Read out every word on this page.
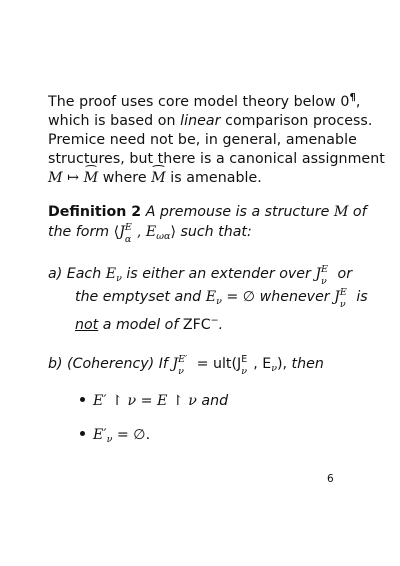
The proof uses core model theory below 0¶,
which is based on linear comparison process.
Premice need not be, in general, amenable
structures, but there is a canonical assignment
M ↦ M where M is amenable.
Definition 2 A premouse is a structure M of
the form ⟨J E
α , $E_{\omega\alpha}⟩$ such that:
a) Each $E_\nu$ is either an extender over J E
ν or
the emptyset and $E_\nu$ = ∅ whenever J E
ν is
not a model of ZFC−.
b) (Coherency) If J E′
ν = ult(J E
ν , $E_\nu$), then
E′ ↾ ν = E ↾ ν and
$E'_\nu$ = ∅.
6
